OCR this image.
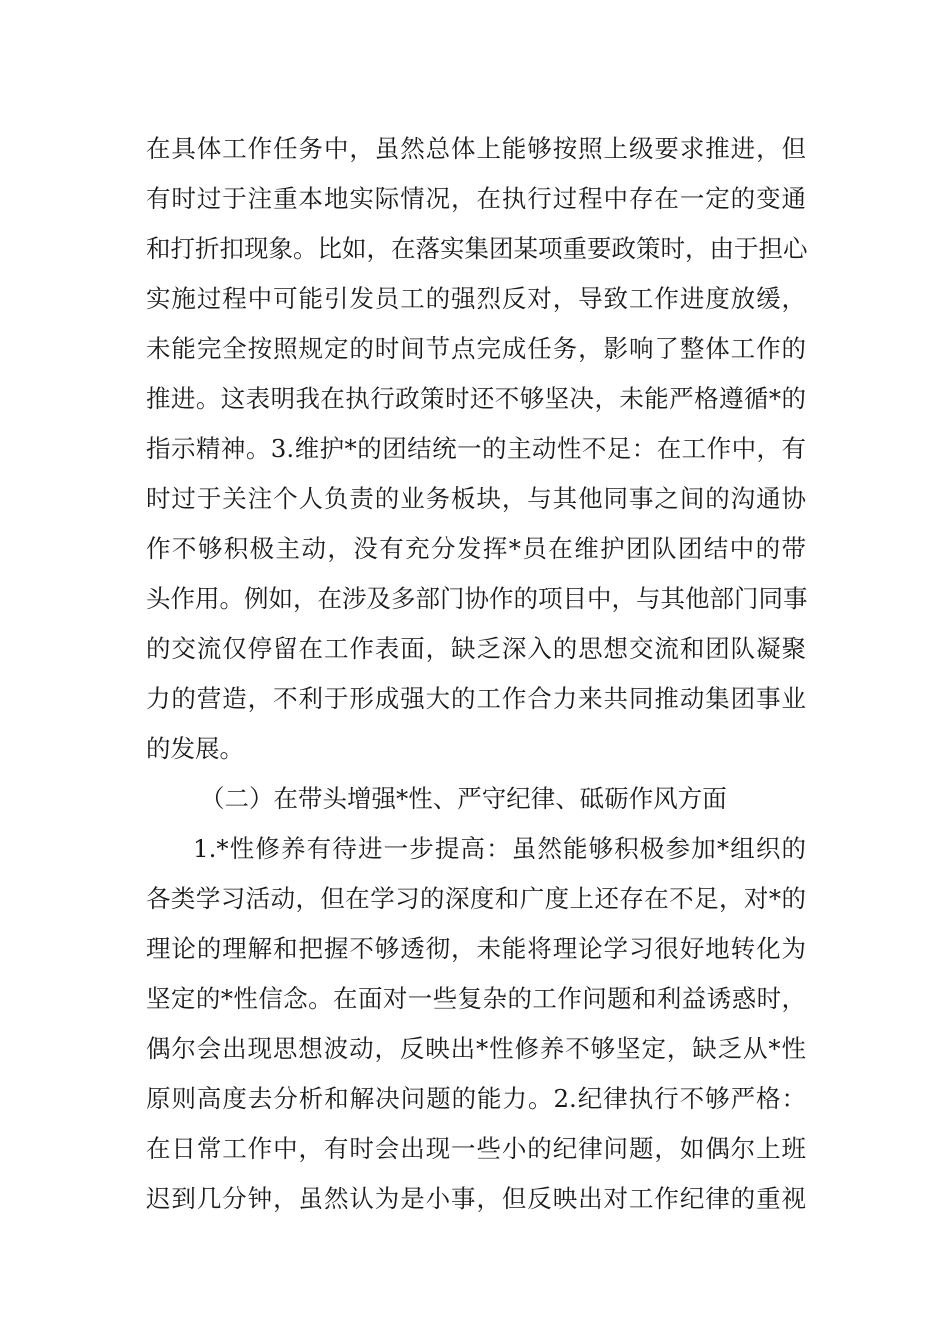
在具体工作任务中，虽然总体上能够按照上级要求推进，但
有时过于注重本地实际情况，在执行过程中存在一定的变通
和打折扣现象。比如，在落实集团某项重要政策时，由于担心
实施过程中可能引发员工的强烈反对，导致工作进度放缓，
未能完全按照规定的时间节点完成任务，影响了整体工作的
推进。这表明我在执行政策时还不够坚决，未能严格遵循*的
指示精神。3.维护*的团结统一的主动性不足：在工作中，有
时过于关注个人负责的业务板块，与其他同事之间的沟通协
作不够积极主动，没有充分发挥*员在维护团队团结中的带
头作用。例如，在涉及多部门协作的项目中，与其他部门同事
的交流仅停留在工作表面，缺乏深入的思想交流和团队凝聚
力的营造，不利于形成强大的工作合力来共同推动集团事业
的发展。
（二）在带头增强*性、严守纪律、砥砺作风方面
1.*性修养有待进一步提高：虽然能够积极参加*组织的
各类学习活动，但在学习的深度和广度上还存在不足，对*的
理论的理解和把握不够透彻，未能将理论学习很好地转化为
坚定的*性信念。在面对一些复杂的工作问题和利益诱惑时，
偶尔会出现思想波动，反映出*性修养不够坚定，缺乏从*性
原则高度去分析和解决问题的能力。2.纪律执行不够严格：
在日常工作中，有时会出现一些小的纪律问题，如偶尔上班
迟到几分钟，虽然认为是小事，但反映出对工作纪律的重视
